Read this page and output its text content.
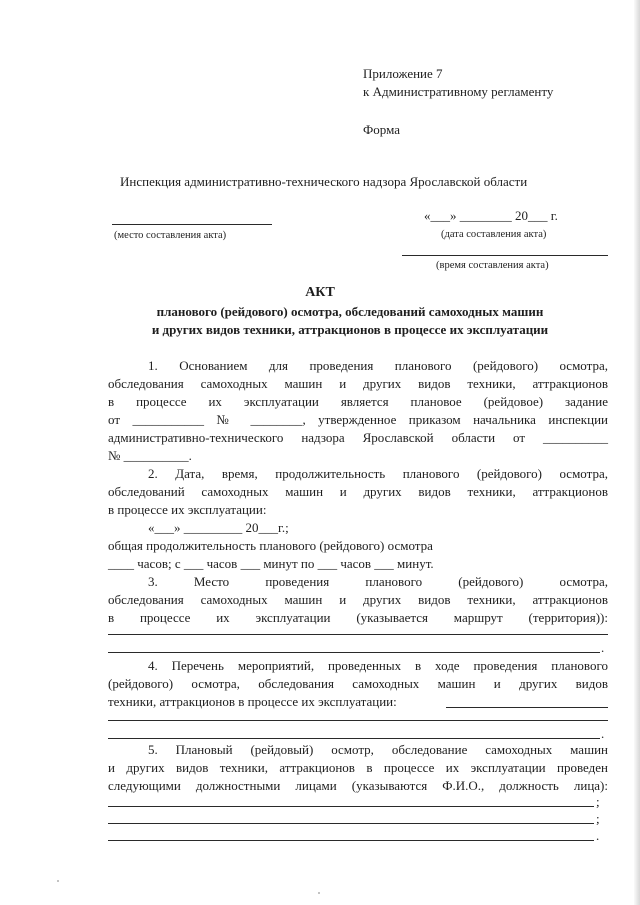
Приложение 7
к Административному регламенту
Форма
Инспекция административно-технического надзора Ярославской области
(место составления акта)
«___» ________ 20___ г.
(дата составления акта)
(время составления акта)
АКТ
планового (рейдового) осмотра, обследований самоходных машин
и других видов техники, аттракционов в процессе их эксплуатации
1. Основанием для проведения планового (рейдового) осмотра,
обследования самоходных машин и других видов техники, аттракционов
в процессе их эксплуатации является плановое (рейдовое) задание
от ___________ № ________, утвержденное приказом начальника инспекции
административно-технического надзора Ярославской области от __________
№ __________.
2. Дата, время, продолжительность планового (рейдового) осмотра,
обследований самоходных машин и других видов техники, аттракционов
в процессе их эксплуатации:
«___» _________ 20___г.;
общая продолжительность планового (рейдового) осмотра
____ часов; с ___ часов ___ минут по ___ часов ___ минут.
3. Место проведения планового (рейдового) осмотра,
обследования самоходных машин и других видов техники, аттракционов
в процессе их эксплуатации (указывается маршрут (территория)):
.
4. Перечень мероприятий, проведенных в ходе проведения планового
(рейдового) осмотра, обследования самоходных машин и других видов
техники, аттракционов в процессе их эксплуатации:
.
5. Плановый (рейдовый) осмотр, обследование самоходных машин
и других видов техники, аттракционов в процессе их эксплуатации проведен
следующими должностными лицами (указываются Ф.И.О., должность лица):
;
;
.
